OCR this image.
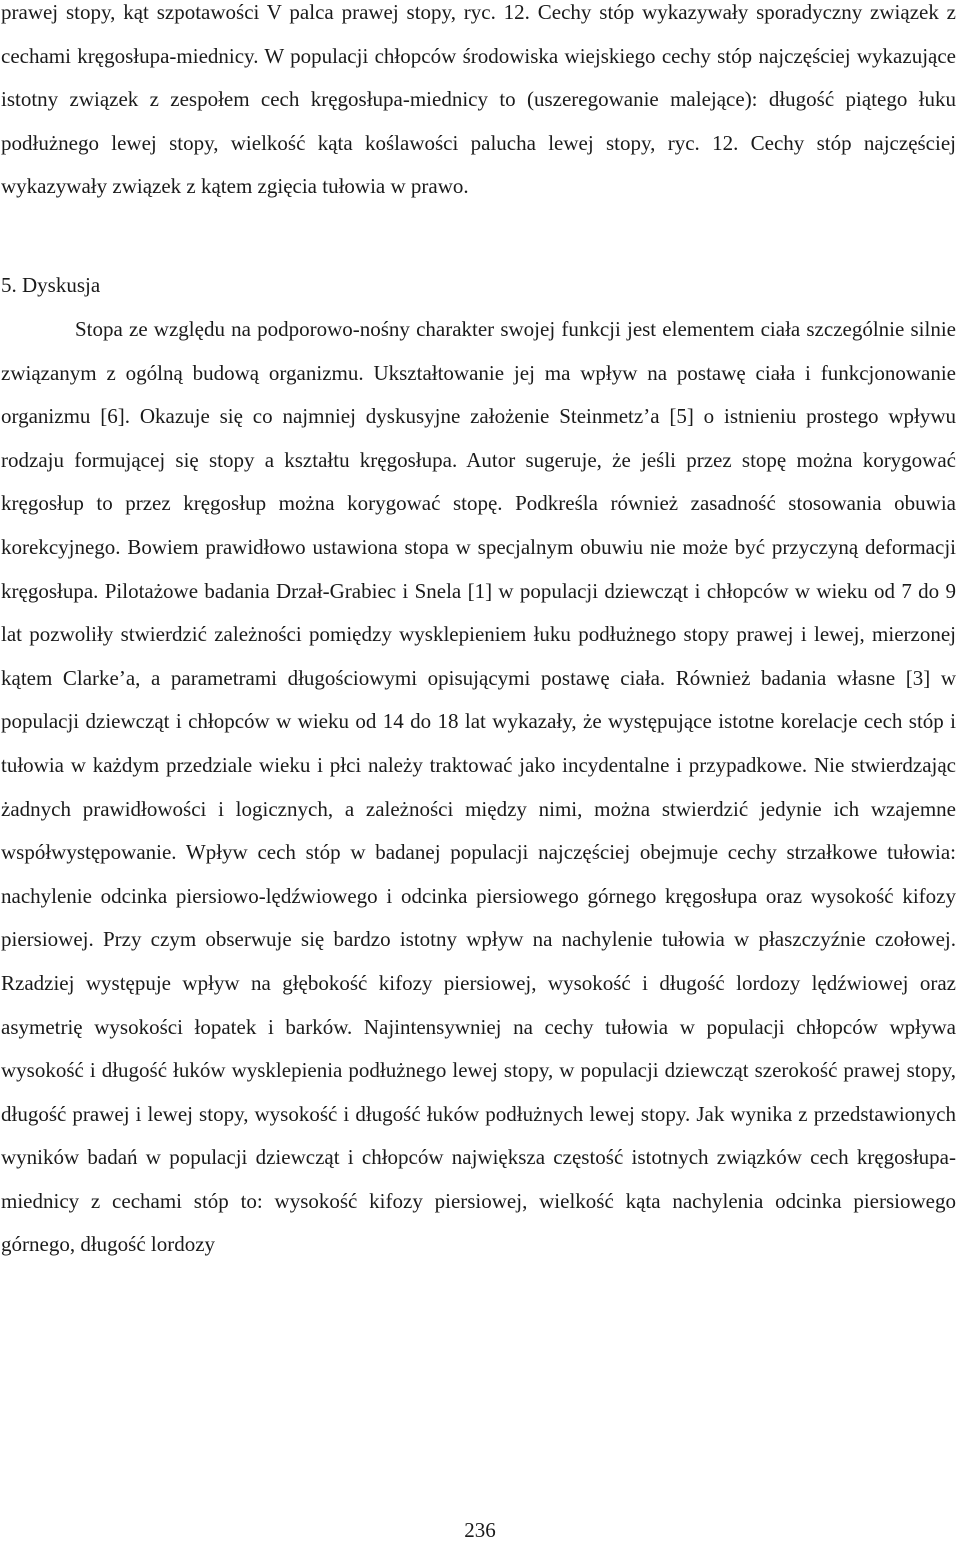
prawej stopy, kąt szpotawości V palca prawej stopy, ryc. 12. Cechy stóp wykazywały sporadyczny związek z cechami kręgosłupa-miednicy. W populacji chłopców środowiska wiejskiego cechy stóp najczęściej wykazujące istotny związek z zespołem cech kręgosłupa-miednicy to (uszeregowanie malejące): długość piątego łuku podłużnego lewej stopy, wielkość kąta koślawości palucha lewej stopy, ryc. 12. Cechy stóp najczęściej wykazywały związek z kątem zgięcia tułowia w prawo.

5. Dyskusja

Stopa ze względu na podporowo-nośny charakter swojej funkcji jest elementem ciała szczególnie silnie związanym z ogólną budową organizmu. Ukształtowanie jej ma wpływ na postawę ciała i funkcjonowanie organizmu [6]. Okazuje się co najmniej dyskusyjne założenie Steinmetz’a [5] o istnieniu prostego wpływu rodzaju formującej się stopy a kształtu kręgosłupa. Autor sugeruje, że jeśli przez stopę można korygować kręgosłup to przez kręgosłup można korygować stopę. Podkreśla również zasadność stosowania obuwia korekcyjnego. Bowiem prawidłowo ustawiona stopa w specjalnym obuwiu nie może być przyczyną deformacji kręgosłupa. Pilotażowe badania Drzał-Grabiec i Snela [1] w populacji dziewcząt i chłopców w wieku od 7 do 9 lat pozwoliły stwierdzić zależności pomiędzy wysklepieniem łuku podłużnego stopy prawej i lewej, mierzonej kątem Clarke’a, a parametrami długościowymi opisującymi postawę ciała. Również badania własne [3] w populacji dziewcząt i chłopców w wieku od 14 do 18 lat wykazały, że występujące istotne korelacje cech stóp i tułowia w każdym przedziale wieku i płci należy traktować jako incydentalne i przypadkowe. Nie stwierdzając żadnych prawidłowości i logicznych, a zależności między nimi, można stwierdzić jedynie ich wzajemne współwystępowanie. Wpływ cech stóp w badanej populacji najczęściej obejmuje cechy strzałkowe tułowia: nachylenie odcinka piersiowo-lędźwiowego i odcinka piersiowego górnego kręgosłupa oraz wysokość kifozy piersiowej. Przy czym obserwuje się bardzo istotny wpływ na nachylenie tułowia w płaszczyźnie czołowej. Rzadziej występuje wpływ na głębokość kifozy piersiowej, wysokość i długość lordozy lędźwiowej oraz asymetrię wysokości łopatek i barków. Najintensywniej na cechy tułowia w populacji chłopców wpływa wysokość i długość łuków wysklepienia podłużnego lewej stopy, w populacji dziewcząt szerokość prawej stopy, długość prawej i lewej stopy, wysokość i długość łuków podłużnych lewej stopy. Jak wynika z przedstawionych wyników badań w populacji dziewcząt i chłopców największa częstość istotnych związków cech kręgosłupa-miednicy z cechami stóp to: wysokość kifozy piersiowej, wielkość kąta nachylenia odcinka piersiowego górnego, długość lordozy

236
